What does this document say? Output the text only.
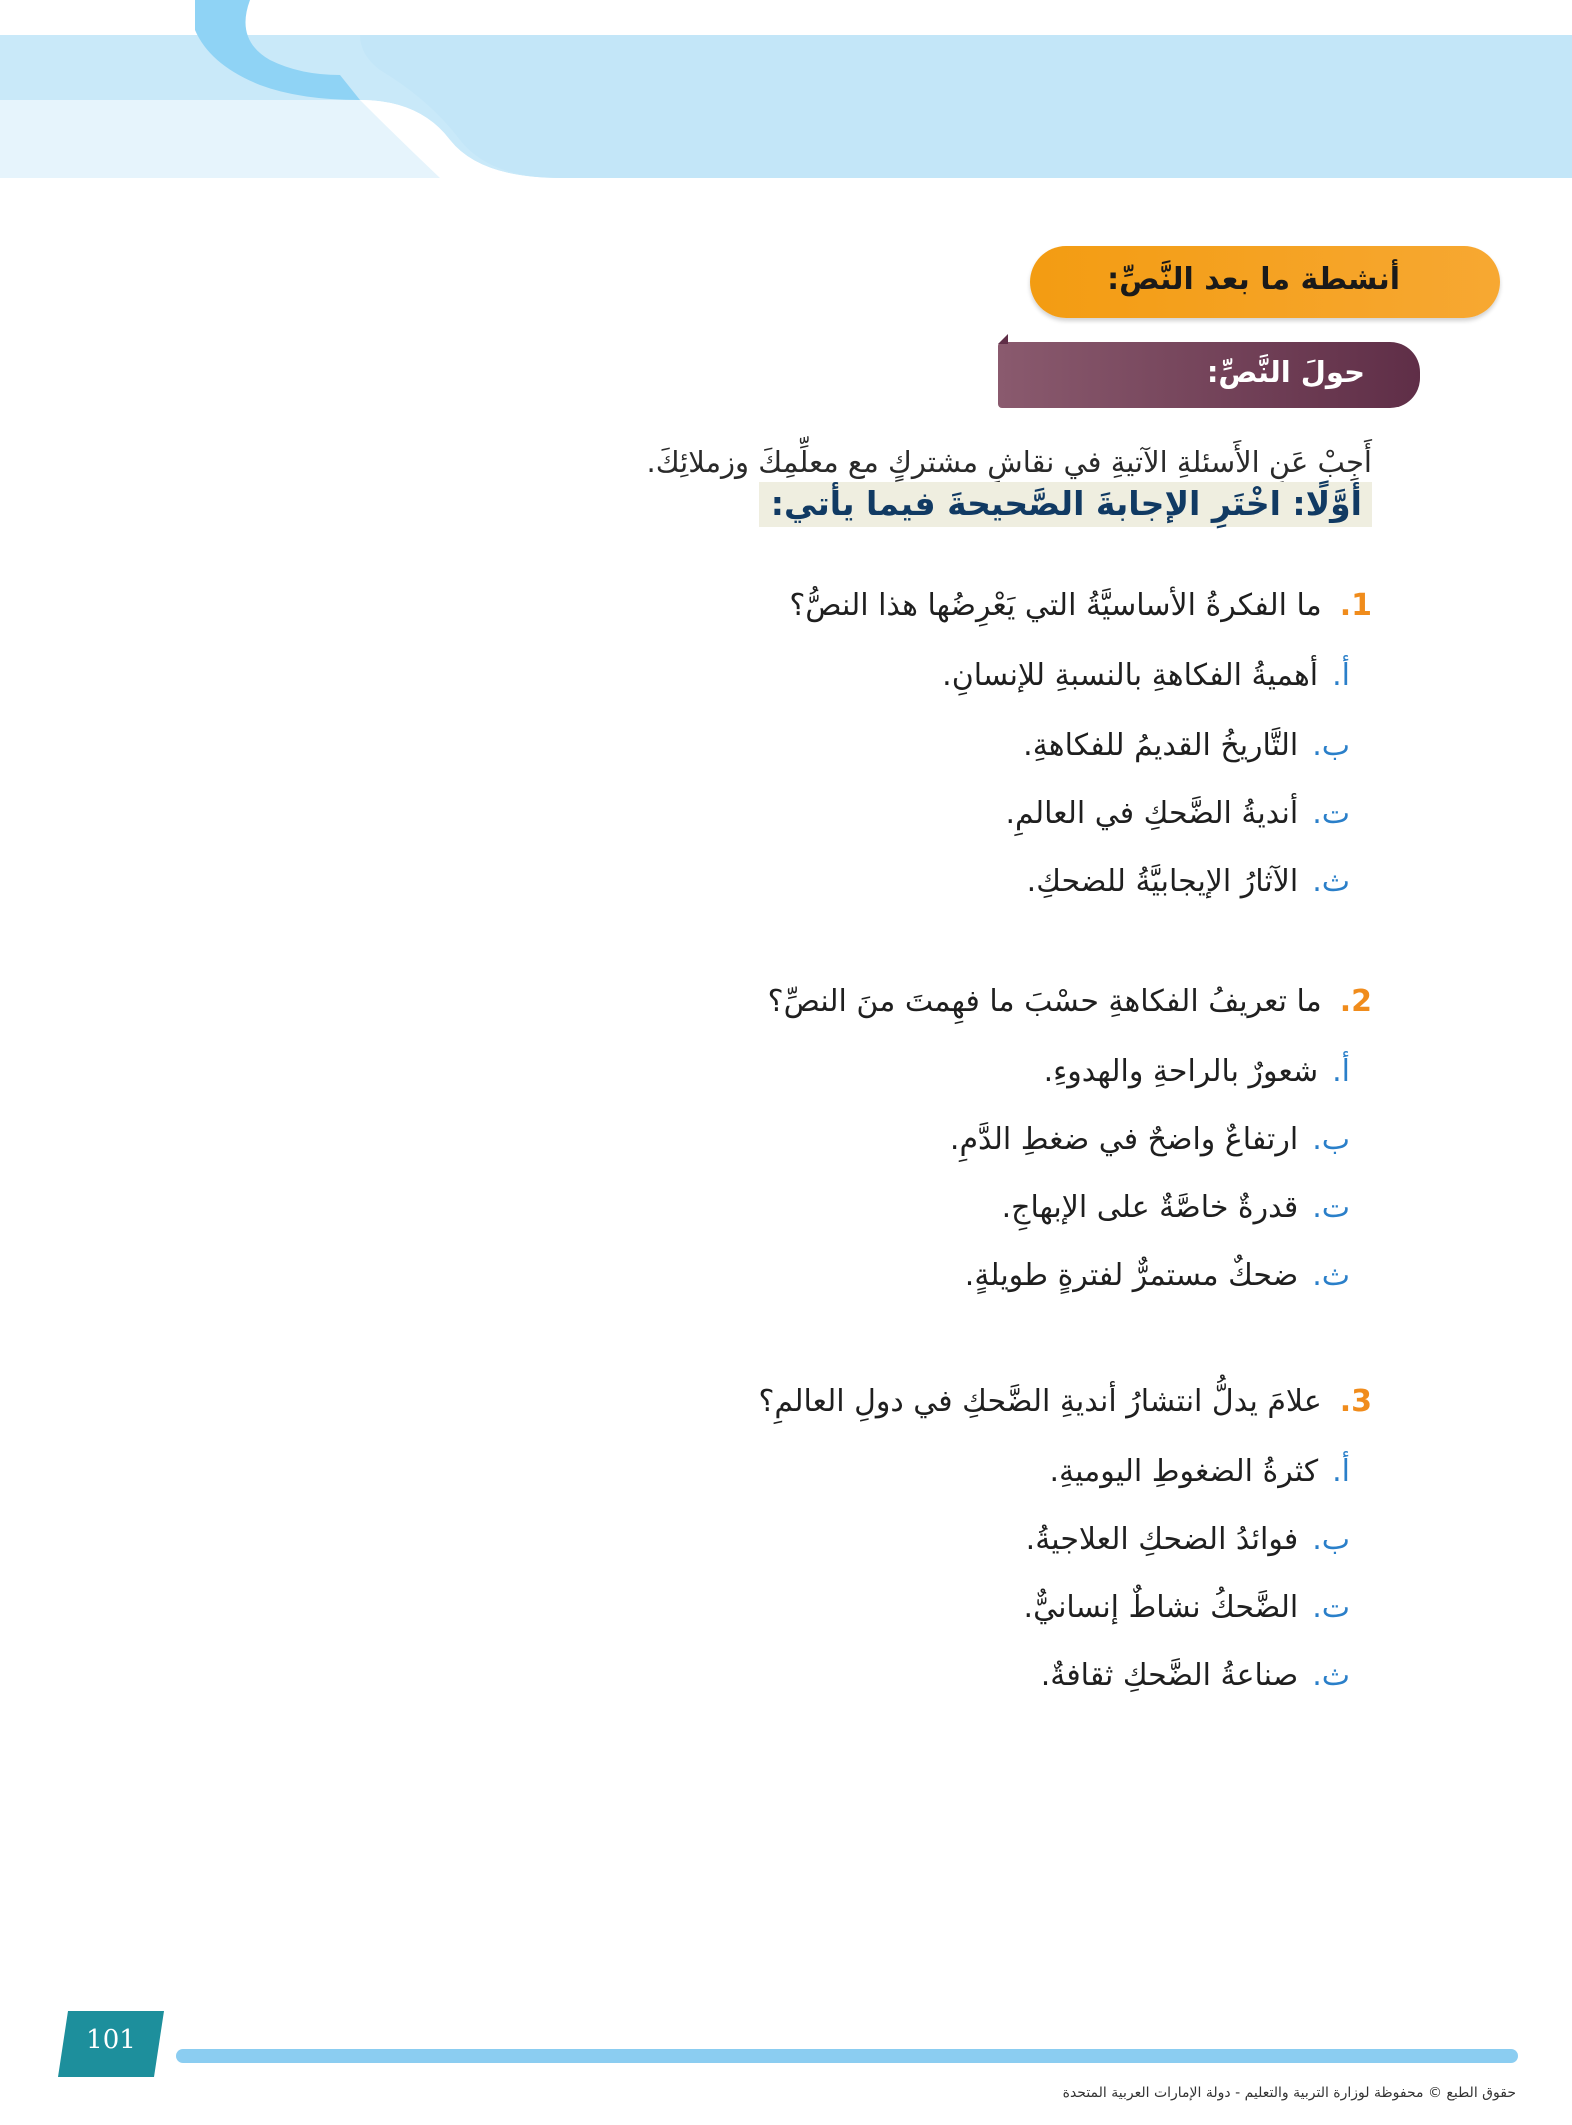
أنشطة ما بعد النَّصِّ:
حولَ النَّصِّ:
أَجِبْ عَنِ الأَسئلةِ الآتيةِ في نقاشٍ مشتركٍ مع معلِّمِكَ وزملائِكَ.
أوَّلًا: اخْتَرِ الإجابةَ الصَّحيحةَ فيما يأتي:
1.ما الفكرةُ الأساسيَّةُ التي يَعْرِضُها هذا النصُّ؟
أ.أهميةُ الفكاهةِ بالنسبةِ للإنسانِ.
ب.التَّاريخُ القديمُ للفكاهةِ.
ت.أنديةُ الضَّحكِ في العالمِ.
ث.الآثارُ الإيجابيَّةُ للضحكِ.
2.ما تعريفُ الفكاهةِ حسْبَ ما فهِمتَ منَ النصِّ؟
أ.شعورٌ بالراحةِ والهدوءِ.
ب.ارتفاعٌ واضحٌ في ضغطِ الدَّمِ.
ت.قدرةٌ خاصَّةٌ على الإبهاجِ.
ث.ضحكٌ مستمرٌّ لفترةٍ طويلةٍ.
3.علامَ يدلُّ انتشارُ أنديةِ الضَّحكِ في دولِ العالمِ؟
أ.كثرةُ الضغوطِ اليوميةِ.
ب.فوائدُ الضحكِ العلاجيةُ.
ت.الضَّحكُ نشاطٌ إنسانيٌّ.
ث.صناعةُ الضَّحكِ ثقافةٌ.
101
حقوق الطبع © محفوظة لوزارة التربية والتعليم - دولة الإمارات العربية المتحدة
